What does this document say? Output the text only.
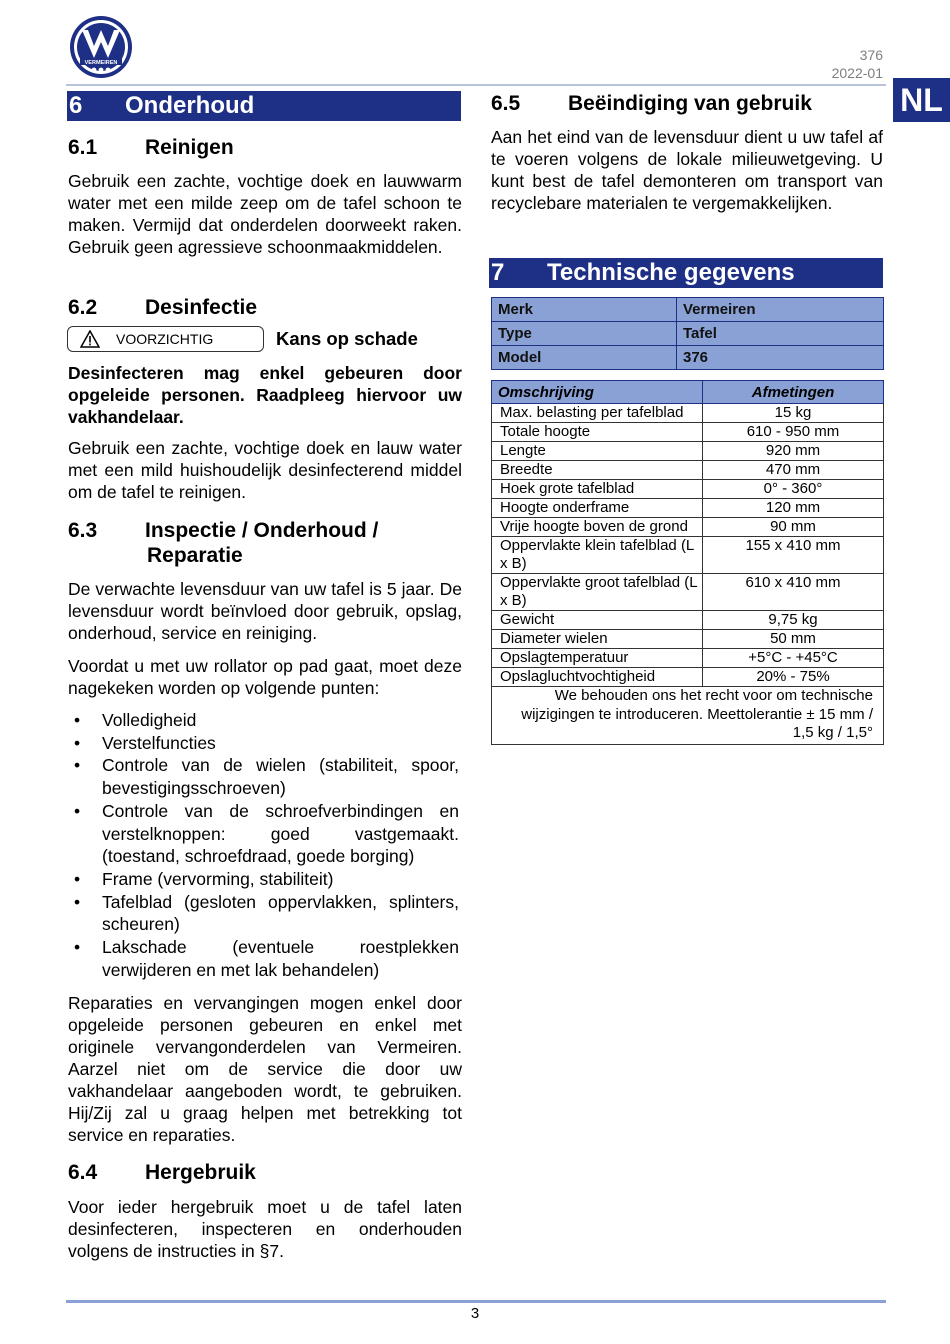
VERMEIREN	376
2022-01
NL
6	Onderhoud
6.1	Reinigen

Gebruik een zachte, vochtige doek en lauwwarm water met een milde zeep om de tafel schoon te maken. Vermijd dat onderdelen doorweekt raken. Gebruik geen agressieve schoonmaakmiddelen.

6.2	Desinfectie
VOORZICHTIG	Kans op schade

Desinfecteren mag enkel gebeuren door opgeleide personen. Raadpleeg hiervoor uw vakhandelaar.

Gebruik een zachte, vochtige doek en lauw water met een mild huishoudelijk desinfecterend middel om de tafel te reinigen.

6.3	Inspectie / Onderhoud /
Reparatie

De verwachte levensduur van uw tafel is 5 jaar. De levensduur wordt beïnvloed door gebruik, opslag, onderhoud, service en reiniging.

Voordat u met uw rollator op pad gaat, moet deze nagekeken worden op volgende punten:

• Volledigheid
• Verstelfuncties
• Controle van de wielen (stabiliteit, spoor, bevestigingsschroeven)
• Controle van de schroefverbindingen en verstelknoppen: goed vastgemaakt. (toestand, schroefdraad, goede borging)
• Frame (vervorming, stabiliteit)
• Tafelblad (gesloten oppervlakken, splinters, scheuren)
• Lakschade (eventuele roestplekken verwijderen en met lak behandelen)

Reparaties en vervangingen mogen enkel door opgeleide personen gebeuren en enkel met originele vervangonderdelen van Vermeiren. Aarzel niet om de service die door uw vakhandelaar aangeboden wordt, te gebruiken. Hij/Zij zal u graag helpen met betrekking tot service en reparaties.

6.4	Hergebruik

Voor ieder hergebruik moet u de tafel laten desinfecteren, inspecteren en onderhouden volgens de instructies in §7.

6.5	Beëindiging van gebruik

Aan het eind van de levensduur dient u uw tafel af te voeren volgens de lokale milieuwetgeving. U kunt best de tafel demonteren om transport van recyclebare materialen te vergemakkelijken.

7	Technische gegevens
Merk	Vermeiren
Type	Tafel
Model	376
Omschrijving	Afmetingen
Max. belasting per tafelblad	15 kg
Totale hoogte	610 - 950 mm
Lengte	920 mm
Breedte	470 mm
Hoek grote tafelblad	0° - 360°
Hoogte onderframe	120 mm
Vrije hoogte boven de grond	90 mm
Oppervlakte klein tafelblad (L x B)	155 x 410 mm
Oppervlakte groot tafelblad (L x B)	610 x 410 mm
Gewicht	9,75 kg
Diameter wielen	50 mm
Opslagtemperatuur	+5°C - +45°C
Opslagluchtvochtigheid	20% - 75%
We behouden ons het recht voor om technische wijzigingen te introduceren. Meettolerantie ± 15 mm / 1,5 kg / 1,5°	
3
